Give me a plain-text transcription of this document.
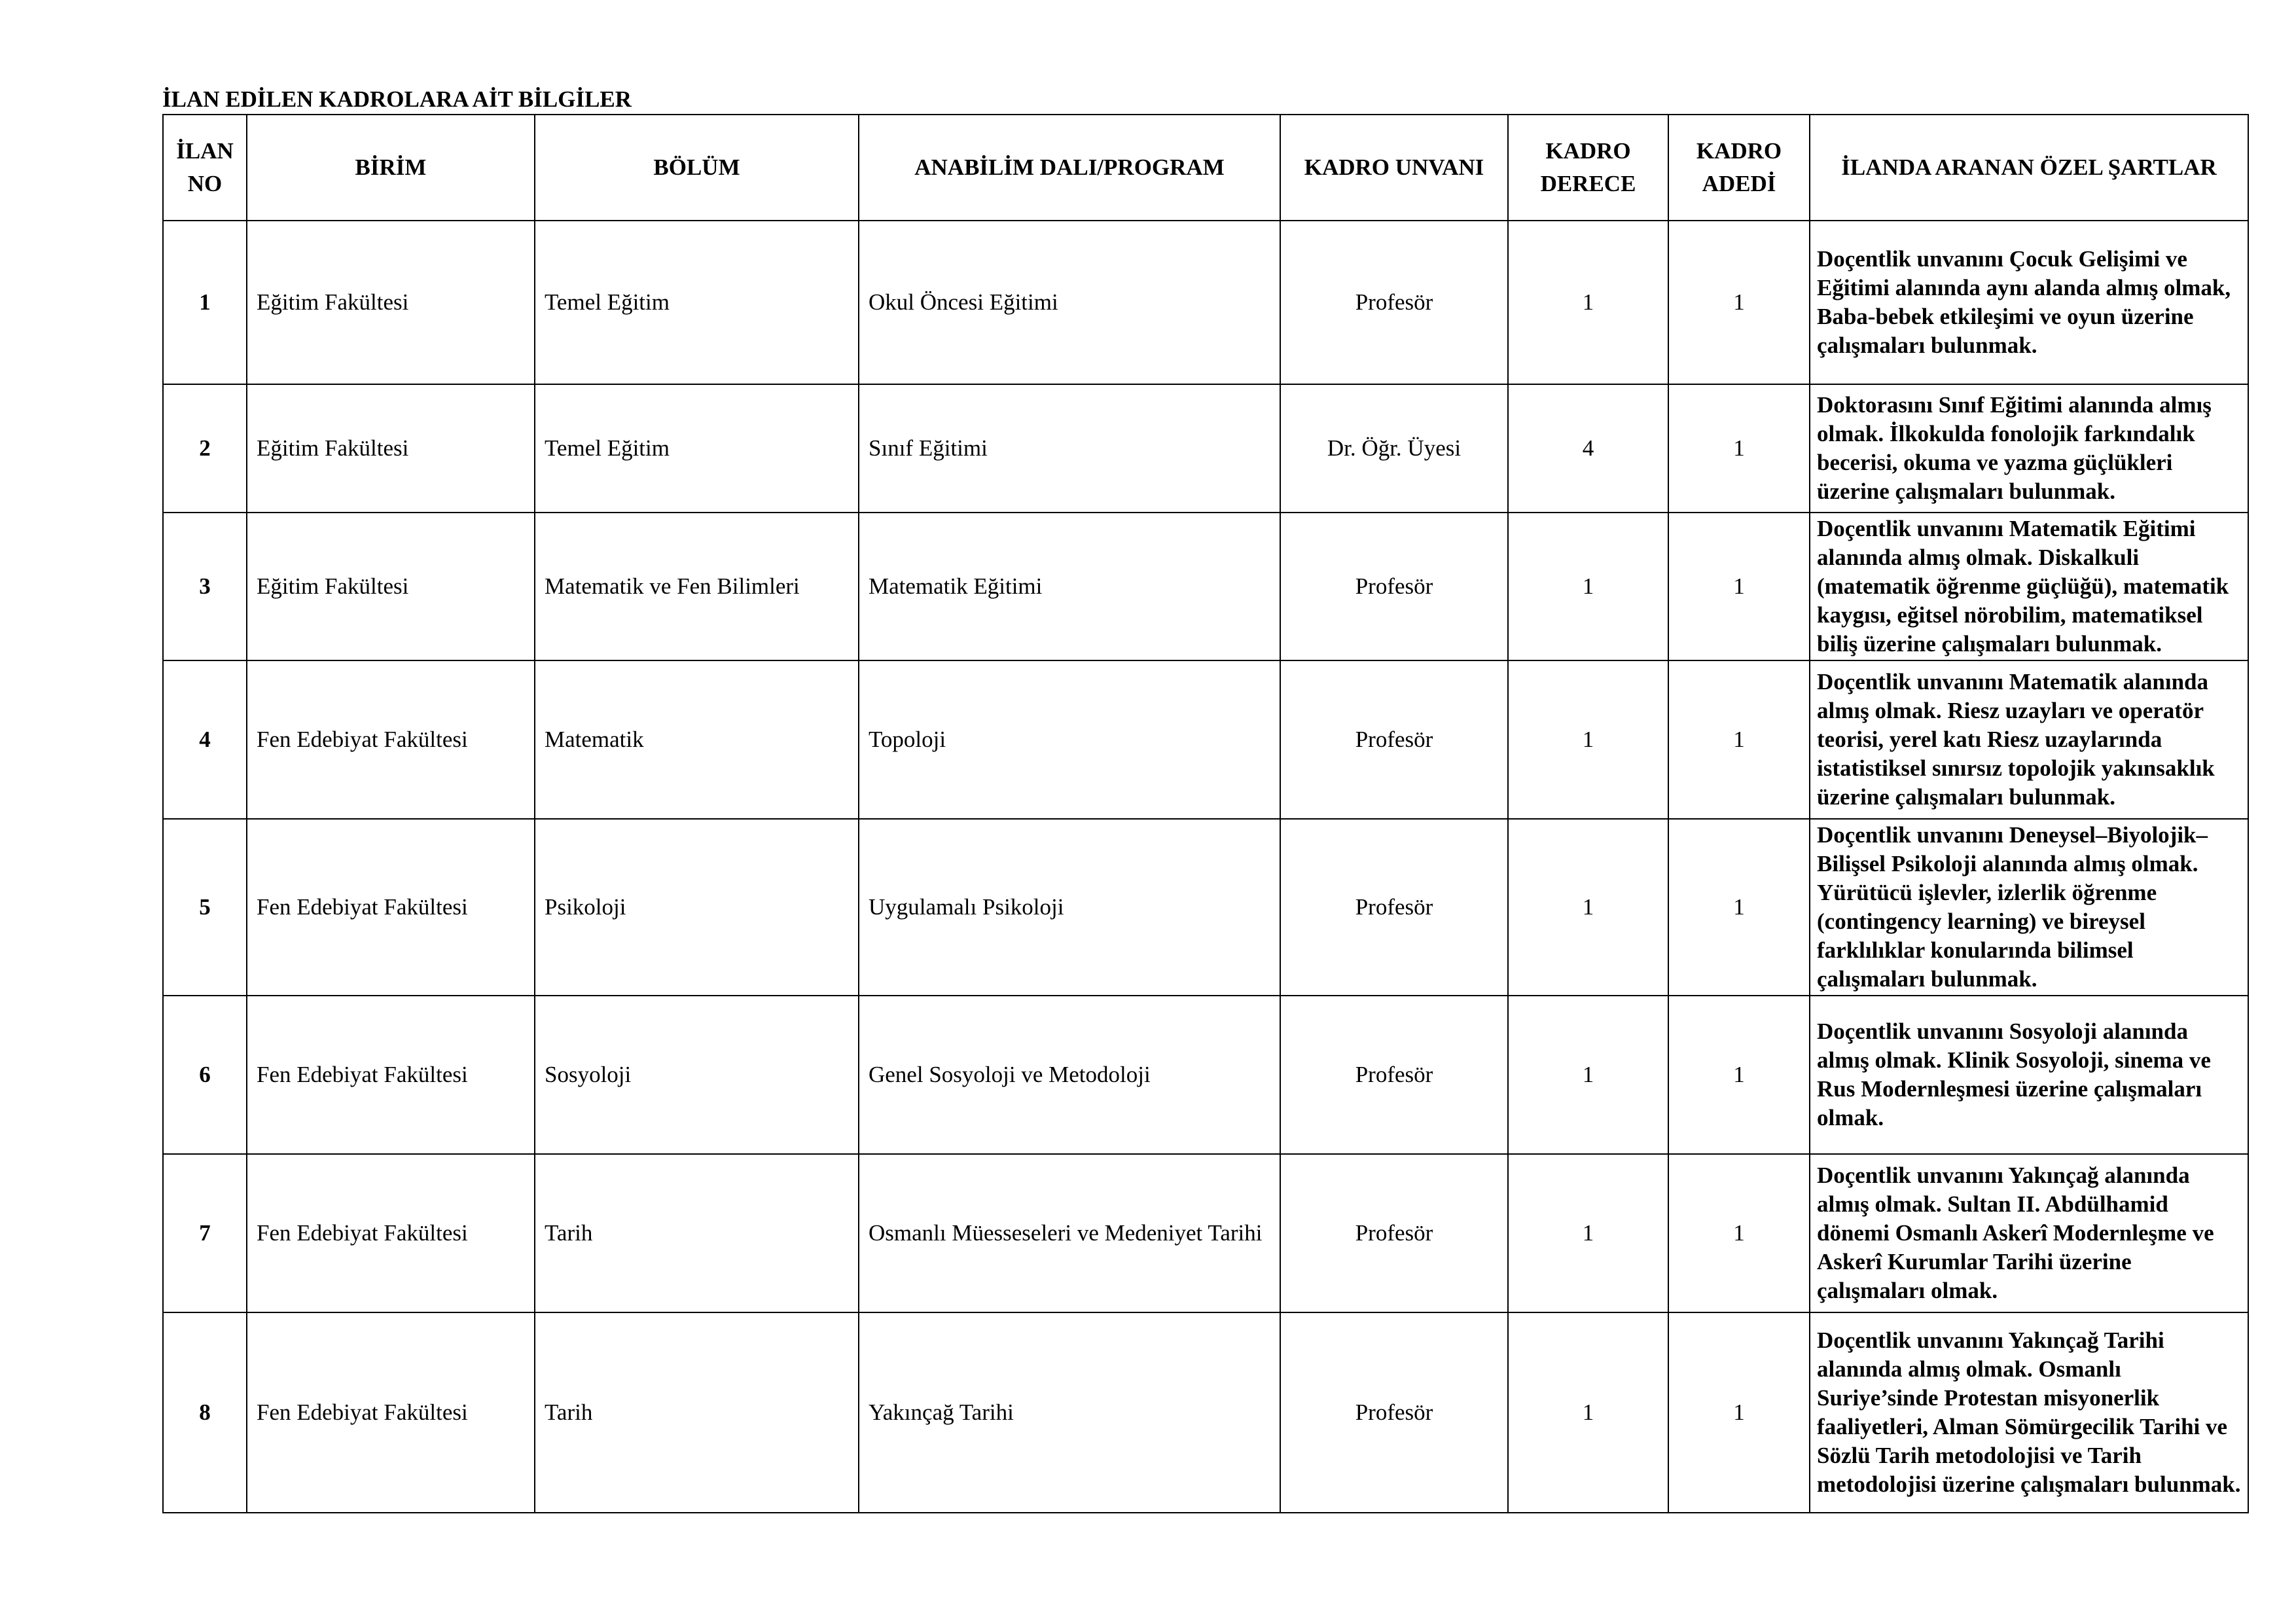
İLAN EDİLEN KADROLARA AİT BİLGİLER
İLAN NO	BİRİM	BÖLÜM	ANABİLİM DALI/PROGRAM	KADRO UNVANI	KADRO DERECE	KADRO ADEDİ	İLANDA ARANAN ÖZEL ŞARTLAR
1	Eğitim Fakültesi	Temel Eğitim	Okul Öncesi Eğitimi	Profesör	1	1	Doçentlik unvanını Çocuk Gelişimi ve Eğitimi alanında aynı alanda almış olmak, Baba-bebek etkileşimi ve oyun üzerine çalışmaları bulunmak.
2	Eğitim Fakültesi	Temel Eğitim	Sınıf Eğitimi	Dr. Öğr. Üyesi	4	1	Doktorasını Sınıf Eğitimi alanında almış olmak. İlkokulda fonolojik farkındalık becerisi, okuma ve yazma güçlükleri üzerine çalışmaları bulunmak.
3	Eğitim Fakültesi	Matematik ve Fen Bilimleri	Matematik Eğitimi	Profesör	1	1	Doçentlik unvanını Matematik Eğitimi alanında almış olmak. Diskalkuli (matematik öğrenme güçlüğü), matematik kaygısı, eğitsel nörobilim, matematiksel biliş üzerine çalışmaları bulunmak.
4	Fen Edebiyat Fakültesi	Matematik	Topoloji	Profesör	1	1	Doçentlik unvanını Matematik alanında almış olmak. Riesz uzayları ve operatör teorisi, yerel katı Riesz uzaylarında istatistiksel sınırsız topolojik yakınsaklık üzerine çalışmaları bulunmak.
5	Fen Edebiyat Fakültesi	Psikoloji	Uygulamalı Psikoloji	Profesör	1	1	Doçentlik unvanını Deneysel–Biyolojik–Bilişsel Psikoloji alanında almış olmak. Yürütücü işlevler, izlerlik öğrenme (contingency learning) ve bireysel farklılıklar konularında bilimsel çalışmaları bulunmak.
6	Fen Edebiyat Fakültesi	Sosyoloji	Genel Sosyoloji ve Metodoloji	Profesör	1	1	Doçentlik unvanını Sosyoloji alanında almış olmak. Klinik Sosyoloji, sinema ve Rus Modernleşmesi üzerine çalışmaları olmak.
7	Fen Edebiyat Fakültesi	Tarih	Osmanlı Müesseseleri ve Medeniyet Tarihi	Profesör	1	1	Doçentlik unvanını Yakınçağ alanında almış olmak. Sultan II. Abdülhamid dönemi Osmanlı Askerî Modernleşme ve Askerî Kurumlar Tarihi üzerine çalışmaları olmak.
8	Fen Edebiyat Fakültesi	Tarih	Yakınçağ Tarihi	Profesör	1	1	Doçentlik unvanını Yakınçağ Tarihi alanında almış olmak. Osmanlı Suriye’sinde Protestan misyonerlik faaliyetleri, Alman Sömürgecilik Tarihi ve Sözlü Tarih metodolojisi ve Tarih metodolojisi üzerine çalışmaları bulunmak.
